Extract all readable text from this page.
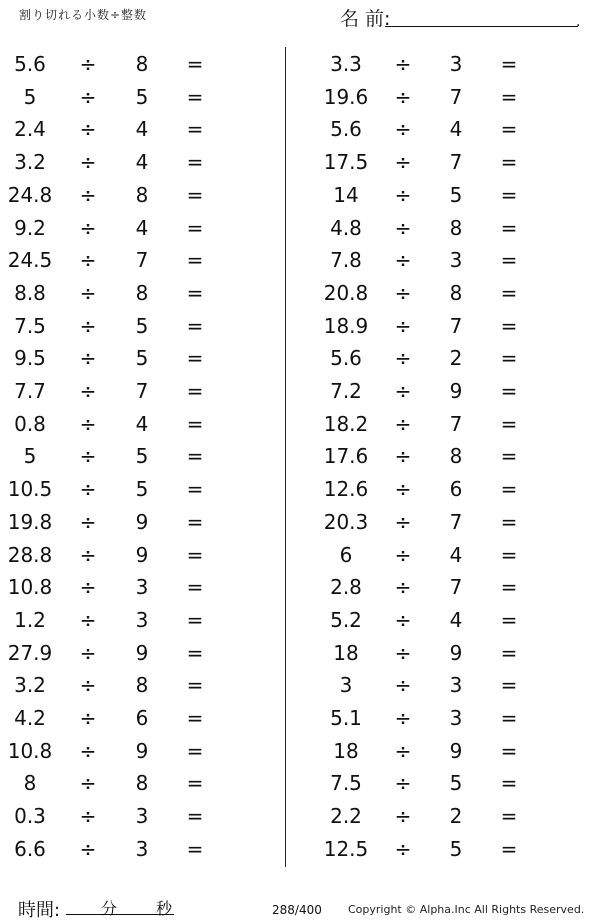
割り切れる小数÷整数	名 前:	.
5.6	÷ 8 =
5	÷ 5 =
2.4	÷ 4 =
3.2	÷ 4 =
24.8 ÷ 8 =
9.2	÷ 4 =
24.5 ÷ 7 =
8.8	÷ 8 =
7.5	÷ 5 =
9.5	÷ 5 =
7.7	÷ 7 =
0.8	÷ 4 =
5	÷ 5 =
10.5 ÷ 5 =
19.8 ÷ 9 =
28.8 ÷ 9 =
10.8 ÷ 3 =
1.2	÷ 3 =
27.9 ÷ 9 =
3.2	÷ 8 =
4.2	÷ 6 =
10.8 ÷ 9 =
8	÷ 8 =
0.3	÷ 3 =
6.6	÷ 3 =
3.3	÷ 3 =
19.6 ÷ 7 =
5.6	÷ 4 =
17.5 ÷ 7 =
14	÷ 5 =
4.8	÷ 8 =
7.8	÷ 3 =
20.8 ÷ 8 =
18.9 ÷ 7 =
5.6	÷ 2 =
7.2	÷ 9 =
18.2 ÷ 7 =
17.6 ÷ 8 =
12.6 ÷ 6 =
20.3 ÷ 7 =
6	÷ 4 =
2.8	÷ 7 =
5.2	÷ 4 =
18	÷ 9 =
3	÷ 3 =
5.1	÷ 3 =
18	÷ 9 =
7.5	÷ 5 =
2.2	÷ 2 =
12.5 ÷ 5 =
時間:	分 秒	288/400 Copyright © Alpha.Inc All Rights Reserved.
